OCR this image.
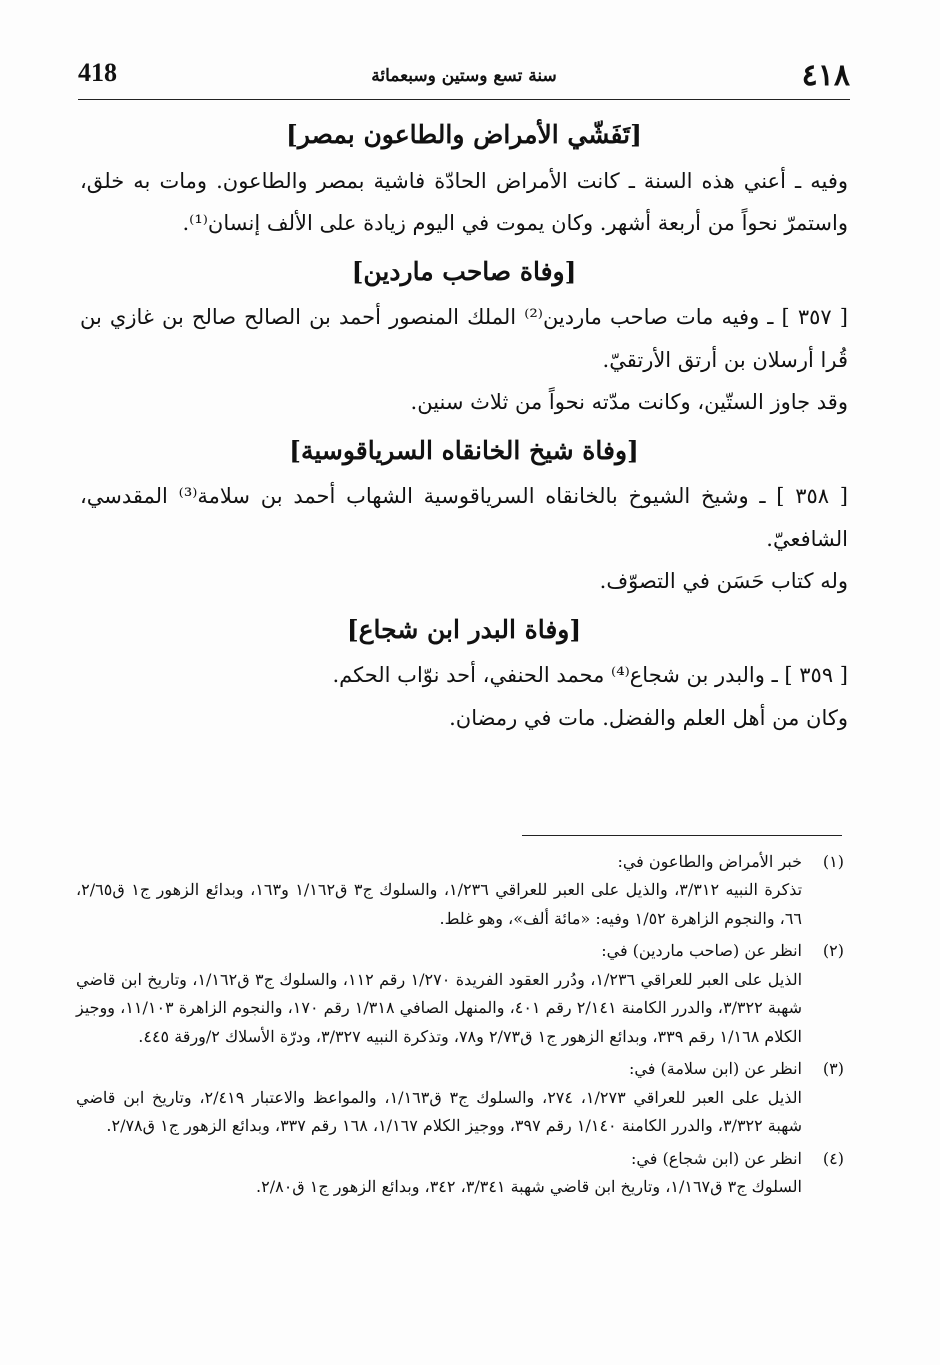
418	سنة تسع وستين وسبعمائة	٤١٨
[تَفَشّي الأمراض والطاعون بمصر]

وفيه ـ أعني هذه السنة ـ كانت الأمراض الحادّة فاشية بمصر والطاعون. ومات به خلق، واستمرّ نحواً من أربعة أشهر. وكان يموت في اليوم زيادة على الألف إنسان⁽¹⁾.

[وفاة صاحب ماردين]

[ ٣٥٧ ] ـ وفيه مات صاحب ماردين⁽²⁾ الملك المنصور أحمد بن الصالح صالح بن غازي بن قُرا أرسلان بن أرتق الأرتقيّ.

وقد جاوز الستّين، وكانت مدّته نحواً من ثلاث سنين.

[وفاة شيخ الخانقاه السرياقوسية]

[ ٣٥٨ ] ـ وشيخ الشيوخ بالخانقاه السرياقوسية الشهاب أحمد بن سلامة⁽³⁾ المقدسي، الشافعيّ.

وله كتاب حَسَن في التصوّف.

[وفاة البدر ابن شجاع]

[ ٣٥٩ ] ـ والبدر بن شجاع⁽⁴⁾ محمد الحنفي، أحد نوّاب الحكم.

وكان من أهل العلم والفضل. مات في رمضان.

(١)
خبر الأمراض والطاعون في:
تذكرة النبيه ٣/٣١٢، والذيل على العبر للعراقي ١/٢٣٦، والسلوك ج٣ ق١/١٦٢ و١٦٣، وبدائع الزهور ج١ ق٢/٦٥، ٦٦، والنجوم الزاهرة ١/٥٢ وفيه: «مائة ألف»، وهو غلط.
(٢)
انظر عن (صاحب ماردين) في:
الذيل على العبر للعراقي ١/٢٣٦، ودُرر العقود الفريدة ١/٢٧٠ رقم ١١٢، والسلوك ج٣ ق١/١٦٢، وتاريخ ابن قاضي شهبة ٣/٣٢٢، والدرر الكامنة ٢/١٤١ رقم ٤٠١، والمنهل الصافي ١/٣١٨ رقم ١٧٠، والنجوم الزاهرة ١١/١٠٣، ووجيز الكلام ١/١٦٨ رقم ٣٣٩، وبدائع الزهور ج١ ق٢/٧٣ و٧٨، وتذكرة النبيه ٣/٣٢٧، ودرّة الأسلاك ٢/ورقة ٤٤٥.
(٣)
انظر عن (ابن سلامة) في:
الذيل على العبر للعراقي ١/٢٧٣، ٢٧٤، والسلوك ج٣ ق١/١٦٣، والمواعظ والاعتبار ٢/٤١٩، وتاريخ ابن قاضي شهبة ٣/٣٢٢، والدرر الكامنة ١/١٤٠ رقم ٣٩٧، ووجيز الكلام ١/١٦٧، ١٦٨ رقم ٣٣٧، وبدائع الزهور ج١ ق٢/٧٨.
(٤)
انظر عن (ابن شجاع) في:
السلوك ج٣ ق١/١٦٧، وتاريخ ابن قاضي شهبة ٣/٣٤١، ٣٤٢، وبدائع الزهور ج١ ق٢/٨٠.
